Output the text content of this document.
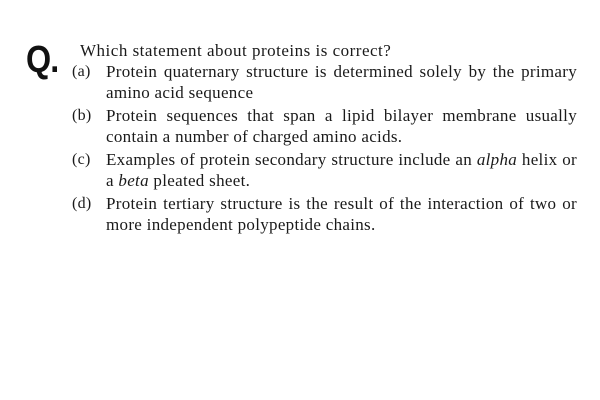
Q. Which statement about proteins is correct?

(a) Protein quaternary structure is determined solely by the primary amino acid sequence
(b) Protein sequences that span a lipid bilayer membrane usually contain a number of charged amino acids.
(c) Examples of protein secondary structure include an alpha helix or a beta pleated sheet.
(d) Protein tertiary structure is the result of the interaction of two or more independent polypeptide chains.
